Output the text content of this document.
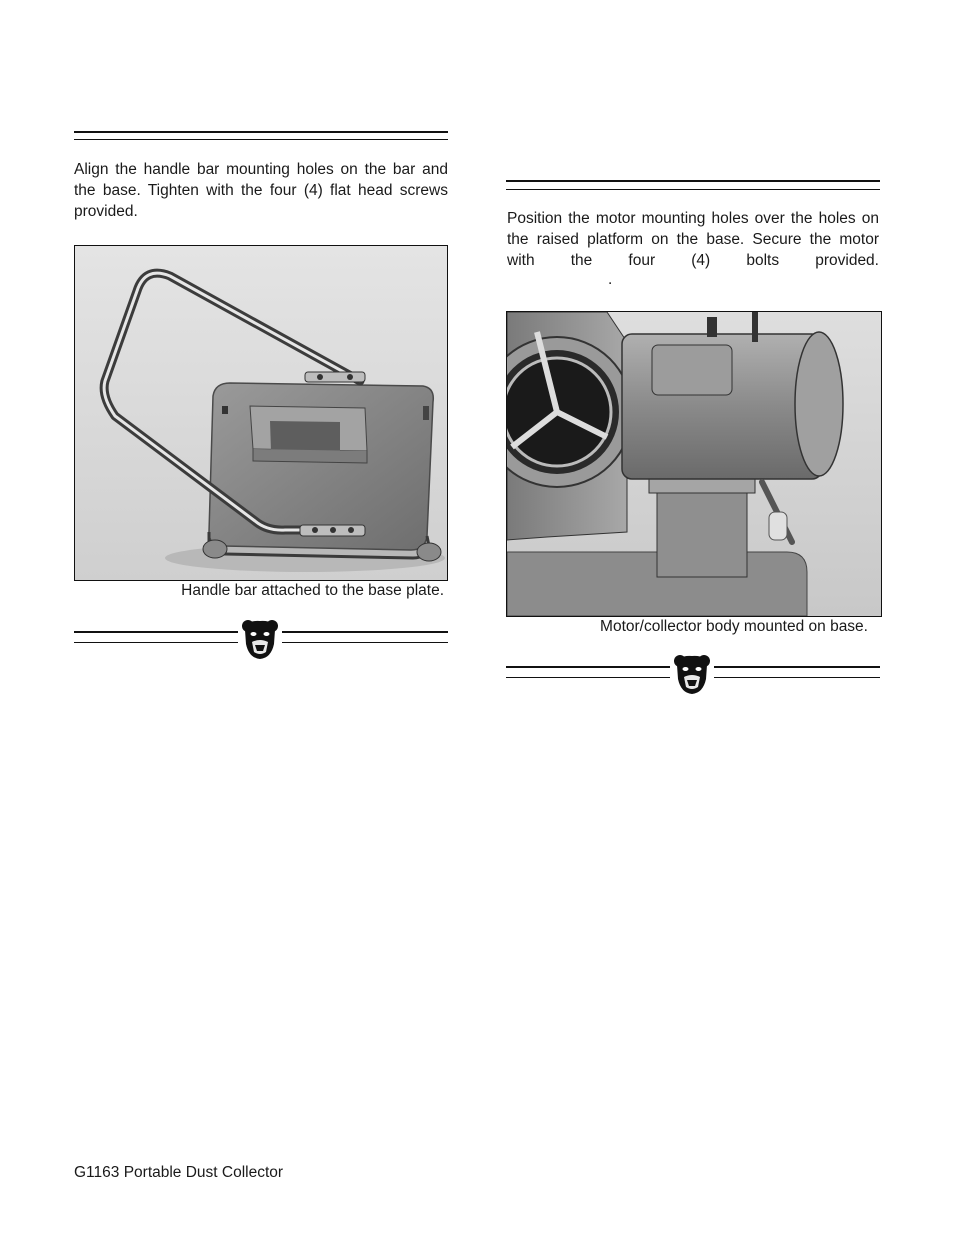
Align the handle bar mounting holes on the bar and the base. Tighten with the four (4) flat head screws provided.
Handle bar attached to the base plate.
Position the motor mounting holes over the holes on the raised platform on the base. Secure the motor with the four (4) bolts provided.
.
Motor/collector body mounted on base.
G1163 Portable Dust Collector
